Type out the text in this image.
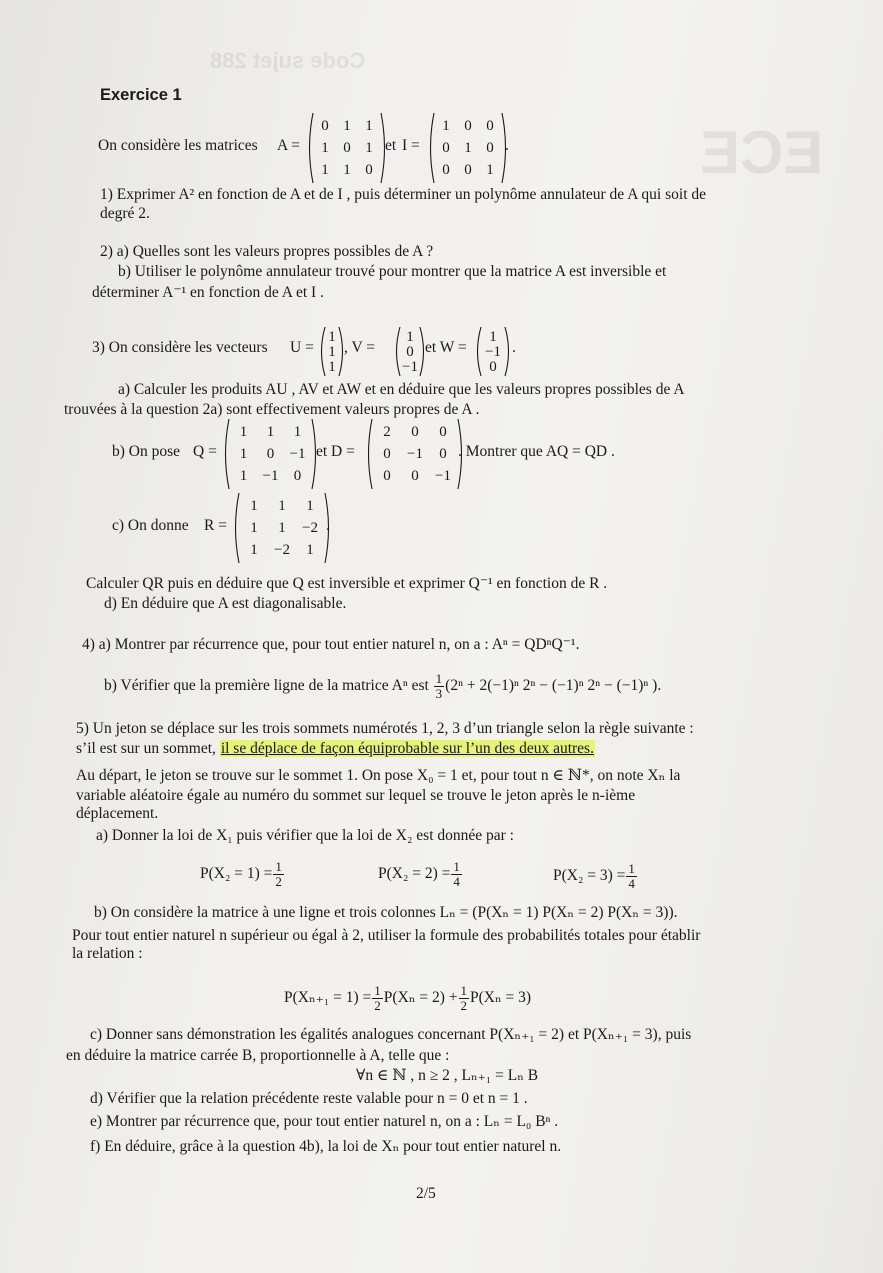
Code sujet 288
ECE
Exercice 1
On considère les matrices A =
0 1 1
1 0 1
1 1 0
et I =
1 0 0
0 1 0
0 0 1
.
1) Exprimer A² en fonction de A et de I , puis déterminer un polynôme annulateur de A qui soit de
degré 2.
2) a) Quelles sont les valeurs propres possibles de A ?
b) Utiliser le polynôme annulateur trouvé pour montrer que la matrice A est inversible et
déterminer A⁻¹ en fonction de A et I .
3) On considère les vecteurs U =
1
1
1
, V =
1
0
−1
et W =
1
−1
0
.
a) Calculer les produits AU , AV et AW et en déduire que les valeurs propres possibles de A
trouvées à la question 2a) sont effectivement valeurs propres de A .
b) On pose Q =
1	1	1
1	0	−1
1	−1	0
et D =
2	0	0
0	−1	0
0	0	−1
. Montrer que AQ = QD .
c) On donne R =
1	1	1
1	1	−2
1	−2	1
.
Calculer QR puis en déduire que Q est inversible et exprimer Q⁻¹ en fonction de R .
d) En déduire que A est diagonalisable.
4) a) Montrer par récurrence que, pour tout entier naturel n, on a : Aⁿ = QDⁿQ⁻¹.
b) Vérifier que la première ligne de la matrice Aⁿ est $\frac{1}{3} (2^n + 2(-1)^n$ 2ⁿ − (−1)ⁿ 2ⁿ − (−1)ⁿ ).
5) Un jeton se déplace sur les trois sommets numérotés 1, 2, 3 d’un triangle selon la règle suivante :
s’il est sur un sommet, il se déplace de façon équiprobable sur l’un des deux autres.
Au départ, le jeton se trouve sur le sommet 1. On pose X₀ = 1 et, pour tout n ∈ ℕ*, on note Xₙ la
variable aléatoire égale au numéro du sommet sur lequel se trouve le jeton après le n-ième
déplacement.
a) Donner la loi de X₁ puis vérifier que la loi de X₂ est donnée par :
$P(X_2 = 1) = \frac{1}{2}$	$P(X_2 = 2) = \frac{1}{4}$	$P(X_2 = 3) = \frac{1}{4}$
b) On considère la matrice à une ligne et trois colonnes Lₙ = (P(Xₙ = 1) P(Xₙ = 2) P(Xₙ = 3)).
Pour tout entier naturel n supérieur ou égal à 2, utiliser la formule des probabilités totales pour établir
la relation :
$P(X_{n+1} = 1) = \frac{1}{2} P(X_n = 2) + \frac{1}{2} P(X_n = 3)$
c) Donner sans démonstration les égalités analogues concernant P(Xₙ₊₁ = 2) et P(Xₙ₊₁ = 3), puis
en déduire la matrice carrée B, proportionnelle à A, telle que :
∀n ∈ ℕ , n ≥ 2 , Lₙ₊₁ = Lₙ B
d) Vérifier que la relation précédente reste valable pour n = 0 et n = 1 .
e) Montrer par récurrence que, pour tout entier naturel n, on a : Lₙ = L₀ Bⁿ .
f) En déduire, grâce à la question 4b), la loi de Xₙ pour tout entier naturel n.
2/5
